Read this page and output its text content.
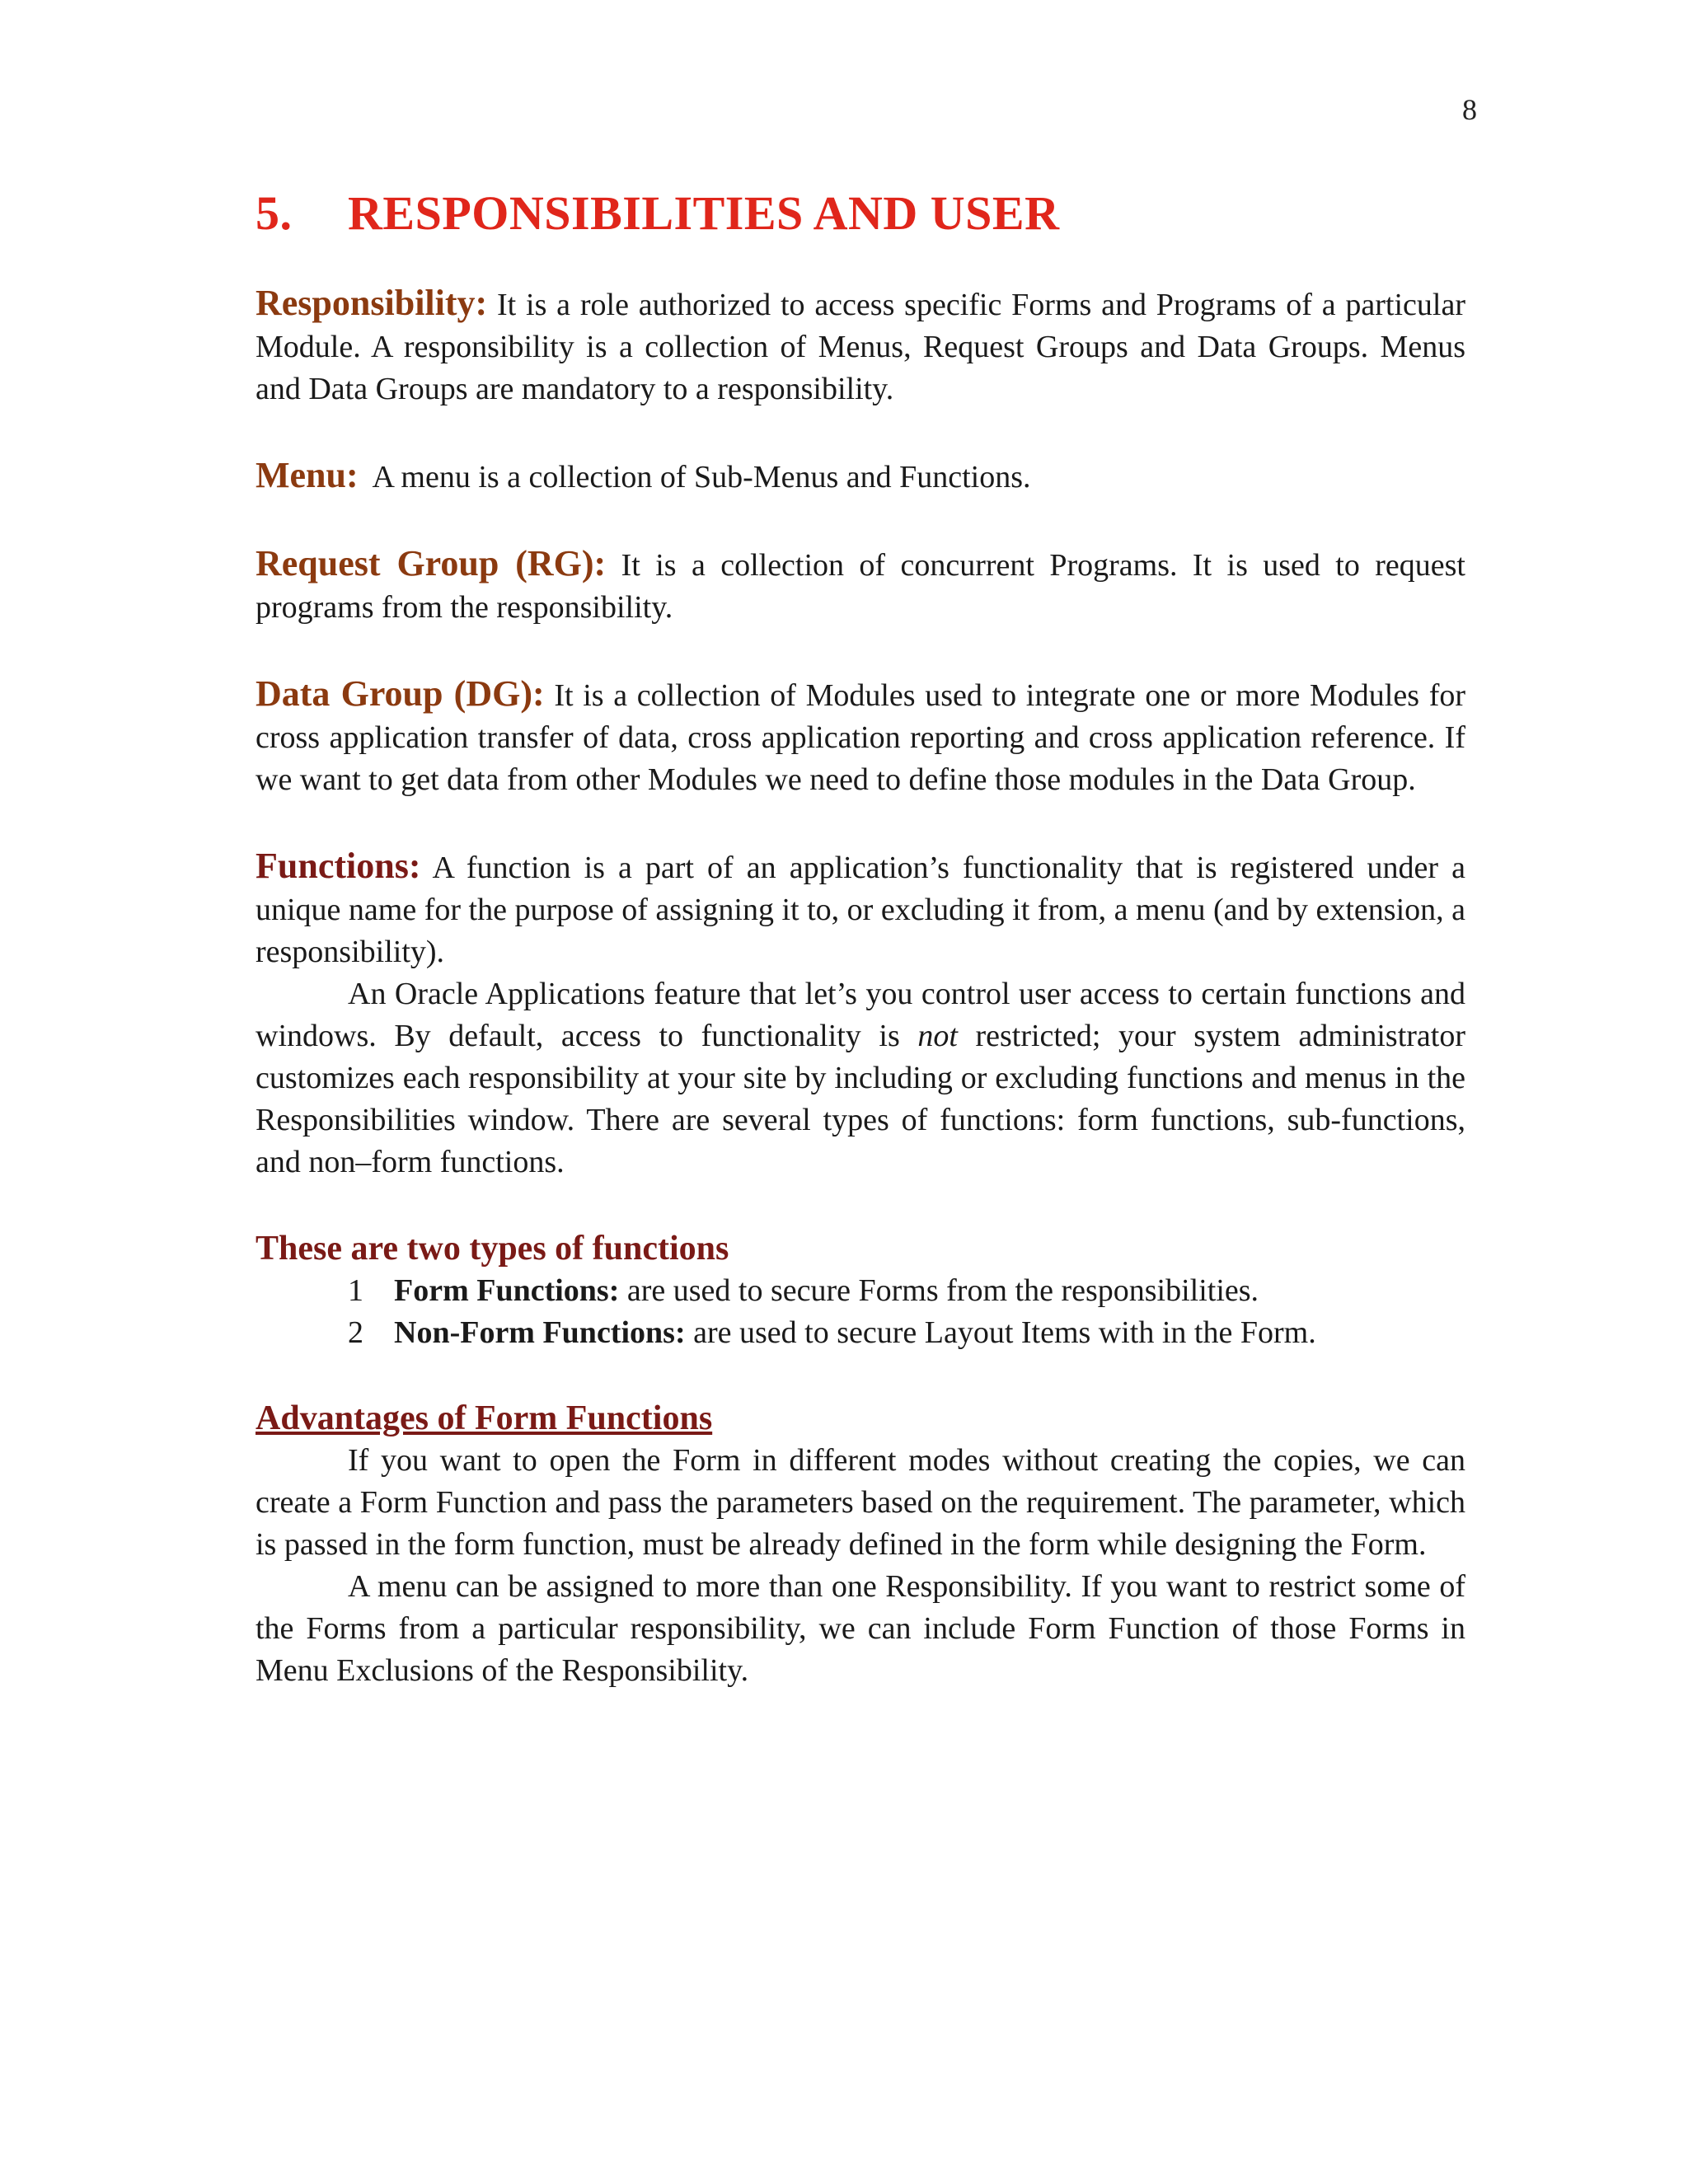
8
5. RESPONSIBILITIES AND USER

Responsibility: It is a role authorized to access specific Forms and Programs of a particular Module. A responsibility is a collection of Menus, Request Groups and Data Groups. Menus and Data Groups are mandatory to a responsibility.

Menu:  A menu is a collection of Sub-Menus and Functions.

Request Group (RG): It is a collection of concurrent Programs. It is used to request programs from the responsibility.

Data Group (DG): It is a collection of Modules used to integrate one or more Modules for cross application transfer of data, cross application reporting and cross application reference. If we want to get data from other Modules we need to define those modules in the Data Group.

Functions: A function is a part of an application’s functionality that is registered under a unique name for the purpose of assigning it to, or excluding it from, a menu (and by extension, a responsibility).

An Oracle Applications feature that let’s you control user access to certain functions and windows. By default, access to functionality is not restricted; your system administrator customizes each responsibility at your site by including or excluding functions and menus in the Responsibilities window. There are several types of functions: form functions, sub-functions, and non–form functions.

These are two types of functions
1 Form Functions: are used to secure Forms from the responsibilities.
2 Non-Form Functions: are used to secure Layout Items with in the Form.
Advantages of Form Functions

If you want to open the Form in different modes without creating the copies, we can create a Form Function and pass the parameters based on the requirement. The parameter, which is passed in the form function, must be already defined in the form while designing the Form.

A menu can be assigned to more than one Responsibility. If you want to restrict some of the Forms from a particular responsibility, we can include Form Function of those Forms in Menu Exclusions of the Responsibility.
